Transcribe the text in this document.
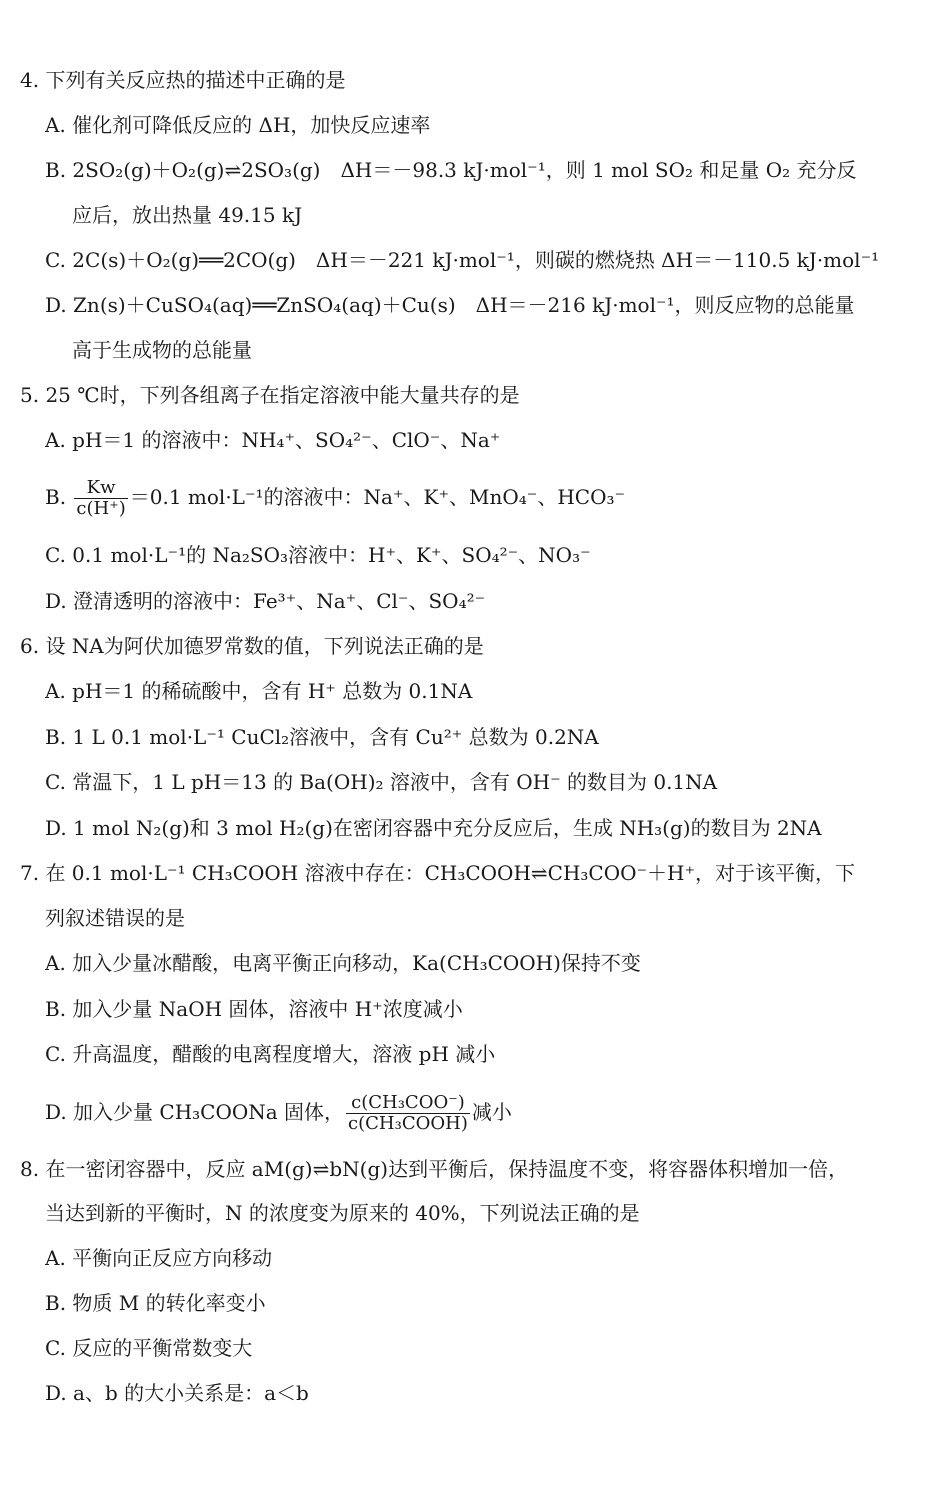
4. 下列有关反应热的描述中正确的是
A. 催化剂可降低反应的 ΔH，加快反应速率
B. 2SO₂(g)＋O₂(g)⇌2SO₃(g)　ΔH＝－98.3 kJ·mol⁻¹，则 1 mol SO₂ 和足量 O₂ 充分反
应后，放出热量 49.15 kJ
C. 2C(s)＋O₂(g)══2CO(g)　ΔH＝－221 kJ·mol⁻¹，则碳的燃烧热 ΔH＝－110.5 kJ·mol⁻¹
D. Zn(s)＋CuSO₄(aq)══ZnSO₄(aq)＋Cu(s)　ΔH＝－216 kJ·mol⁻¹，则反应物的总能量
高于生成物的总能量
5. 25 ℃时，下列各组离子在指定溶液中能大量共存的是
A. pH＝1 的溶液中：NH₄⁺、SO₄²⁻、ClO⁻、Na⁺
B. $\frac{Kw}{c(H^+)} =0.1$ mol·L⁻¹的溶液中：Na⁺、K⁺、MnO₄⁻、HCO₃⁻
C. 0.1 mol·L⁻¹的 Na₂SO₃溶液中：H⁺、K⁺、SO₄²⁻、NO₃⁻
D. 澄清透明的溶液中：Fe³⁺、Na⁺、Cl⁻、SO₄²⁻
6. 设 NA为阿伏加德罗常数的值，下列说法正确的是
A. pH＝1 的稀硫酸中，含有 H⁺ 总数为 0.1NA
B. 1 L 0.1 mol·L⁻¹ CuCl₂溶液中，含有 Cu²⁺ 总数为 0.2NA
C. 常温下，1 L pH＝13 的 Ba(OH)₂ 溶液中，含有 OH⁻ 的数目为 0.1NA
D. 1 mol N₂(g)和 3 mol H₂(g)在密闭容器中充分反应后，生成 NH₃(g)的数目为 2NA
7. 在 0.1 mol·L⁻¹ CH₃COOH 溶液中存在：CH₃COOH⇌CH₃COO⁻＋H⁺，对于该平衡，下
列叙述错误的是
A. 加入少量冰醋酸，电离平衡正向移动，Ka(CH₃COOH)保持不变
B. 加入少量 NaOH 固体，溶液中 H⁺浓度减小
C. 升高温度，醋酸的电离程度增大，溶液 pH 减小
D. 加入少量 CH₃COONa 固体， $\frac{\text{c(CH₃COO⁻)}}{\text{c(CH₃COOH)}}$ 减小
8. 在一密闭容器中，反应 aM(g)⇌bN(g)达到平衡后，保持温度不变，将容器体积增加一倍，
当达到新的平衡时，N 的浓度变为原来的 40%，下列说法正确的是
A. 平衡向正反应方向移动
B. 物质 M 的转化率变小
C. 反应的平衡常数变大
D. a、b 的大小关系是：a＜b
